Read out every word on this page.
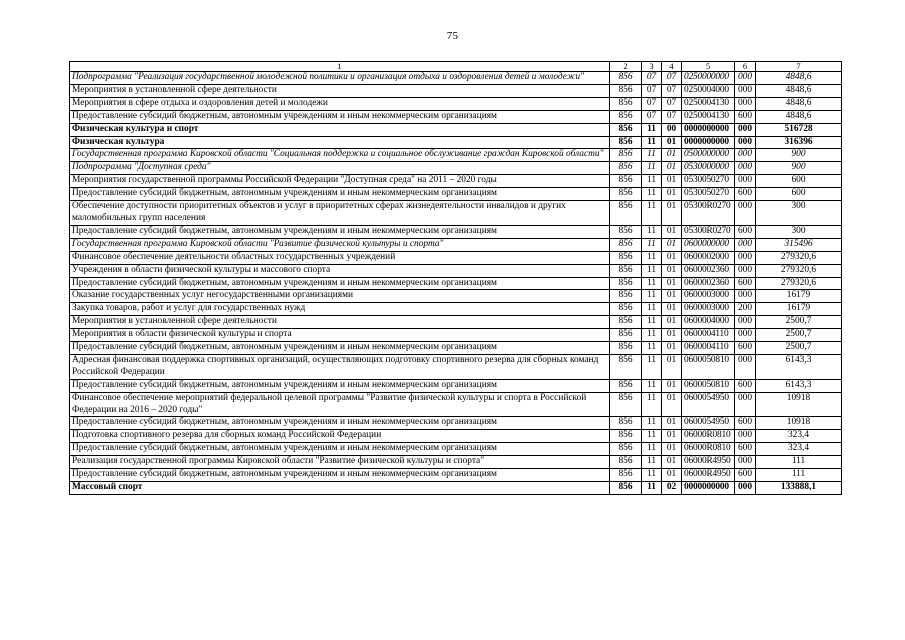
75
1	2	3	4	5	6	7
Подпрограмма "Реализация государственной молодежной политики и организация отдыха и оздоровления детей и молодежи"	856	07	07	0250000000	000	4848,6
Мероприятия в установленной сфере деятельности	856	07	07	0250004000	000	4848,6
Мероприятия в сфере отдыха и оздоровления детей и молодежи	856	07	07	0250004130	000	4848,6
Предоставление субсидий бюджетным, автономным учреждениям и иным некоммерческим организациям	856	07	07	0250004130	600	4848,6
Физическая культура и спорт	856	11	00	0000000000	000	516728
Физическая культура	856	11	01	0000000000	000	316396
Государственная программа Кировской области "Социальная поддержка и социальное обслуживание граждан Кировской области"	856	11	01	0500000000	000	900
Подпрограмма "Доступная среда"	856	11	01	0530000000	000	900
Мероприятия государственной программы Российской Федерации "Доступная среда" на 2011 – 2020 годы	856	11	01	0530050270	000	600
Предоставление субсидий бюджетным, автономным учреждениям и иным некоммерческим организациям	856	11	01	0530050270	600	600
Обеспечение доступности приоритетных объектов и услуг в приоритетных сферах жизнедеятельности инвалидов и других маломобильных групп населения	856	11	01	05300R0270	000	300
Предоставление субсидий бюджетным, автономным учреждениям и иным некоммерческим организациям	856	11	01	05300R0270	600	300
Государственная программа Кировской области "Развитие физической культуры и спорта"	856	11	01	0600000000	000	315496
Финансовое обеспечение деятельности областных государственных учреждений	856	11	01	0600002000	000	279320,6
Учреждения в области физической культуры и массового спорта	856	11	01	0600002360	000	279320,6
Предоставление субсидий бюджетным, автономным учреждениям и иным некоммерческим организациям	856	11	01	0600002360	600	279320,6
Оказание государственных услуг негосударственными организациями	856	11	01	0600003000	000	16179
Закупка товаров, работ и услуг для государственных нужд	856	11	01	0600003000	200	16179
Мероприятия в установленной сфере деятельности	856	11	01	0600004000	000	2500,7
Мероприятия в области физической культуры и спорта	856	11	01	0600004110	000	2500,7
Предоставление субсидий бюджетным, автономным учреждениям и иным некоммерческим организациям	856	11	01	0600004110	600	2500,7
Адресная финансовая поддержка спортивных организаций, осуществляющих подготовку спортивного резерва для сборных команд Российской Федерации	856	11	01	0600050810	000	6143,3
Предоставление субсидий бюджетным, автономным учреждениям и иным некоммерческим организациям	856	11	01	0600050810	600	6143,3
Финансовое обеспечение мероприятий федеральной целевой программы "Развитие физической культуры и спорта в Российской Федерации на 2016 – 2020 годы"	856	11	01	0600054950	000	10918
Предоставление субсидий бюджетным, автономным учреждениям и иным некоммерческим организациям	856	11	01	0600054950	600	10918
Подготовка спортивного резерва для сборных команд Российской Федерации	856	11	01	06000R0810	000	323,4
Предоставление субсидий бюджетным, автономным учреждениям и иным некоммерческим организациям	856	11	01	06000R0810	600	323,4
Реализация государственной программы Кировской области "Развитие физической культуры и спорта"	856	11	01	06000R4950	000	111
Предоставление субсидий бюджетным, автономным учреждениям и иным некоммерческим организациям	856	11	01	06000R4950	600	111
Массовый спорт	856	11	02	0000000000	000	133888,1
